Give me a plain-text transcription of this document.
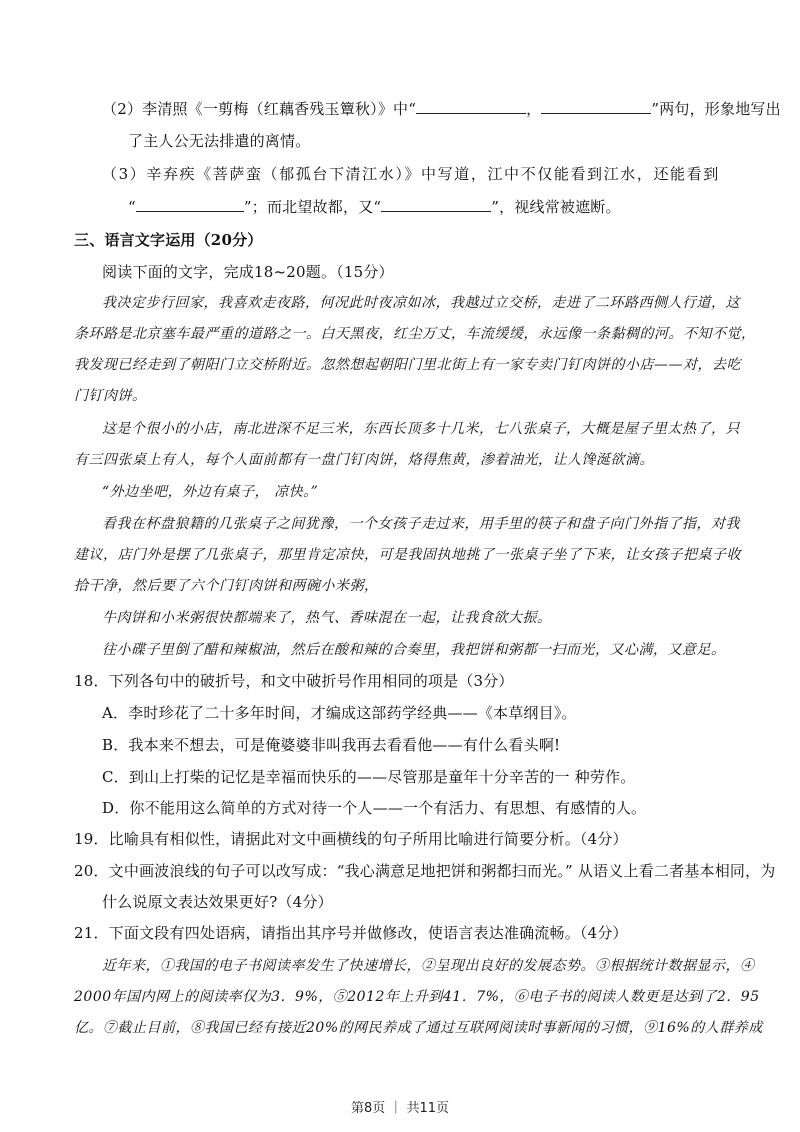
（2）李清照《一剪梅（红藕香残玉簟秋）》中“	，	”两句，形象地写出
了主人公无法排遣的离情。
（3）辛弃疾《菩萨蛮（郁孤台下清江水）》中写道，江中不仅能看到江水，还能看到
“	”；而北望故都，又“	”，视线常被遮断。
三、语言文字运用（20分）
阅读下面的文字，完成18~20题。（15分）
我决定步行回家，我喜欢走夜路，何况此时夜凉如冰，我越过立交桥，走进了二环路西侧人行道，这
条环路是北京塞车最严重的道路之一。白天黑夜，红尘万丈，车流缓缓，永远像一条黏稠的河。不知不觉，
我发现已经走到了朝阳门立交桥附近。忽然想起朝阳门里北街上有一家专卖门钉肉饼的小店——对，去吃
门钉肉饼。
这是个很小的小店，南北进深不足三米，东西长顶多十几米，七八张桌子，大概是屋子里太热了，只
有三四张桌上有人，每个人面前都有一盘门钉肉饼，烙得焦黄，渗着油光，让人馋涎欲滴。
“外边坐吧，外边有桌子， 凉快。”
看我在杯盘狼籍的几张桌子之间犹豫，一个女孩子走过来，用手里的筷子和盘子向门外指了指，对我
建议，店门外是摆了几张桌子，那里肯定凉快，可是我固执地挑了一张桌子坐了下来，让女孩子把桌子收
拾干净，然后要了六个门钉肉饼和两碗小米粥，
牛肉饼和小米粥很快都端来了，热气、香味混在一起，让我食欲大振。
往小碟子里倒了醋和辣椒油，然后在酸和辣的合奏里，我把饼和粥都一扫而光，又心满，又意足。
18．下列各句中的破折号，和文中破折号作用相同的项是（3分）
A．李时珍花了二十多年时间，才编成这部药学经典——《本草纲目》。
B．我本来不想去，可是俺婆婆非叫我再去看看他——有什么看头啊!
C．到山上打柴的记忆是幸福而快乐的——尽管那是童年十分辛苦的一 种劳作。
D．你不能用这么简单的方式对待一个人——一个有活力、有思想、有感情的人。
19．比喻具有相似性，请据此对文中画横线的句子所用比喻进行简要分析。（4分）
20．文中画波浪线的句子可以改写成：“我心满意足地把饼和粥都扫而光。” 从语义上看二者基本相同，为
什么说原文表达效果更好?（4分）
21．下面文段有四处语病，请指出其序号并做修改，使语言表达准确流畅。（4分）
近年来，①我国的电子书阅读率发生了快速增长，②呈现出良好的发展态势。③根据统计数据显示，④
2000年国内网上的阅读率仅为3．9%，⑤2012年上升到41．7%，⑥电子书的阅读人数更是达到了2．95
亿。⑦截止目前，⑧我国已经有接近20%的网民养成了通过互联网阅读时事新闻的习惯，⑨16%的人群养成
第8页 ｜ 共11页
